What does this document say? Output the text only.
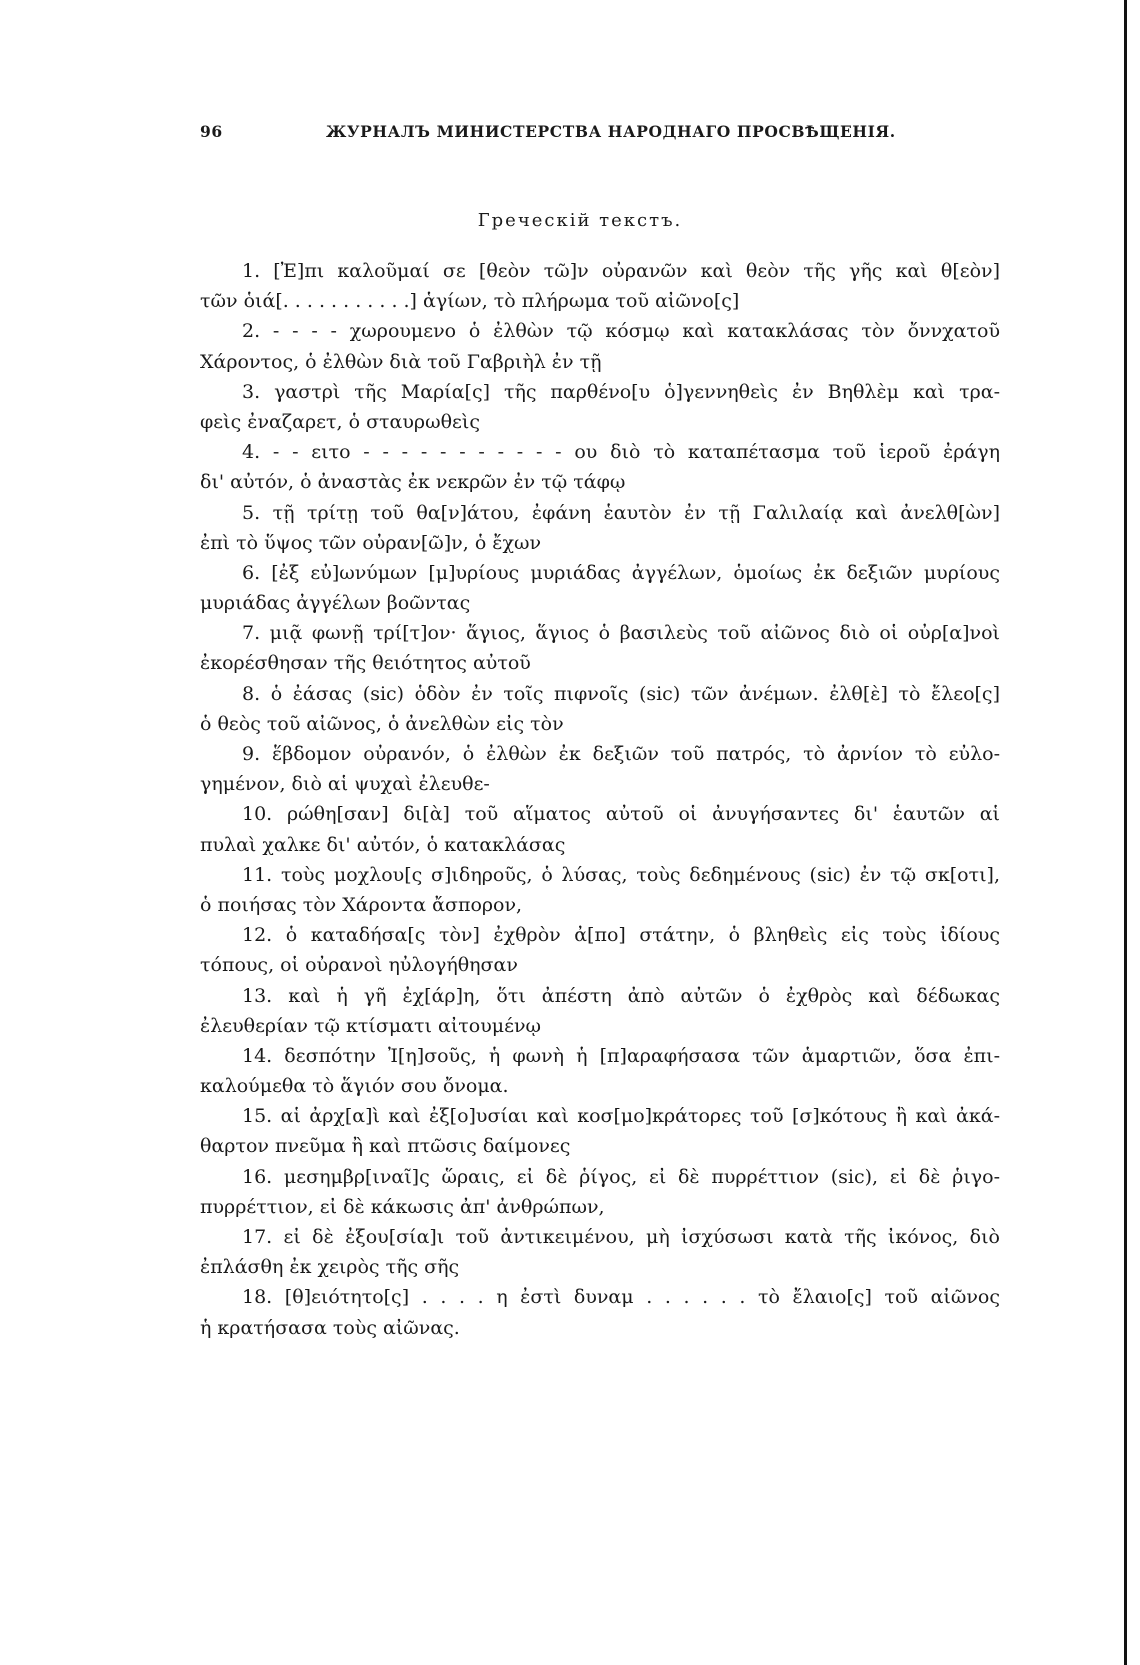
96	ЖУРНАЛЪ МИНИСТЕРСТВА НАРОДНАГО ПРОСВѢЩЕНІЯ.
Греческій текстъ.
1. [Ἐ]πι καλοῦμαί σε [θεὸν τῶ]ν οὐρανῶν καὶ θεὸν τῆς γῆς καὶ θ[εὸν]
τῶν ὁιά[. . . . . . . . . . .] ἁγίων, τὸ πλήρωμα τοῦ αἰῶνο[ς]
2. - - - - χωρουμενο ὁ ἐλθὼν τῷ κόσμῳ καὶ κατακλάσας τὸν ὄννχατοῦ
Χάροντος, ὁ ἐλθὼν διὰ τοῦ Γαβριὴλ ἐν τῇ
3. γαστρὶ τῆς Μαρία[ς] τῆς παρθένο[υ ὁ]γεννηθεὶς ἐν Βηθλὲμ καὶ τρα-
φεὶς ἐναζαρετ, ὁ σταυρωθεὶς
4. - - ειτο - - - - - - - - - - - ου διὸ τὸ καταπέτασμα τοῦ ἱεροῦ ἐράγη
δι' αὐτόν, ὁ ἀναστὰς ἐκ νεκρῶν ἐν τῷ τάφῳ
5. τῇ τρίτῃ τοῦ θα[ν]άτου, ἐφάνη ἑαυτὸν ἐν τῇ Γαλιλαίᾳ καὶ ἀνελθ[ὼν]
ἐπὶ τὸ ὕψος τῶν οὐραν[ῶ]ν, ὁ ἔχων
6. [ἐξ εὐ]ωνύμων [μ]υρίους μυριάδας ἀγγέλων, ὁμοίως ἐκ δεξιῶν μυρίους
μυριάδας ἀγγέλων βοῶντας
7. μιᾷ φωνῇ τρί[τ]ον· ἅγιος, ἅγιος ὁ βασιλεὺς τοῦ αἰῶνος διὸ οἱ οὐρ[α]νοὶ
ἐκορέσθησαν τῆς θειότητος αὐτοῦ
8. ὁ ἐάσας (sic) ὁδὸν ἐν τοῖς πιφνοῖς (sic) τῶν ἀνέμων. ἐλθ[ὲ] τὸ ἔλεο[ς]
ὁ θεὸς τοῦ αἰῶνος, ὁ ἀνελθὼν εἰς τὸν
9. ἕβδομον οὐρανόν, ὁ ἐλθὼν ἐκ δεξιῶν τοῦ πατρός, τὸ ἀρνίον τὸ εὐλο-
γημένον, διὸ αἱ ψυχαὶ ἐλευθε-
10. ρώθη[σαν] δι[ὰ] τοῦ αἵματος αὐτοῦ οἱ ἀνυγήσαντες δι' ἑαυτῶν αἱ
πυλαὶ χαλκε δι' αὐτόν, ὁ κατακλάσας
11. τοὺς μοχλου[ς σ]ιδηροῦς, ὁ λύσας, τοὺς δεδημένους (sic) ἐν τῷ σκ[οτι],
ὁ ποιήσας τὸν Χάροντα ἄσπορον,
12. ὁ καταδήσα[ς τὸν] ἐχθρὸν ἀ[πο] στάτην, ὁ βληθεὶς εἰς τοὺς ἰδίους
τόπους, οἱ οὐρανοὶ ηὐλογήθησαν
13. καὶ ἡ γῆ ἐχ[άρ]η, ὅτι ἀπέστη ἀπὸ αὐτῶν ὁ ἐχθρὸς καὶ δέδωκας
ἐλευθερίαν τῷ κτίσματι αἰτουμένῳ
14. δεσπότην Ἰ[η]σοῦς, ἡ φωνὴ ἡ [π]αραφήσασα τῶν ἁμαρτιῶν, ὅσα ἐπι-
καλούμεθα τὸ ἅγιόν σου ὄνομα.
15. αἱ ἀρχ[α]ὶ καὶ ἐξ[ο]υσίαι καὶ κοσ[μο]κράτορες τοῦ [σ]κότους ἢ καὶ ἀκά-
θαρτον πνεῦμα ἢ καὶ πτῶσις δαίμονες
16. μεσημβρ[ιναῖ]ς ὥραις, εἰ δὲ ῥίγος, εἰ δὲ πυρρέττιον (sic), εἰ δὲ ῥιγο-
πυρρέττιον, εἰ δὲ κάκωσις ἀπ' ἀνθρώπων,
17. εἰ δὲ ἐξου[σία]ι τοῦ ἀντικειμένου, μὴ ἰσχύσωσι κατὰ τῆς ἰκόνος, διὸ
ἐπλάσθη ἐκ χειρὸς τῆς σῆς
18. [θ]ειότητο[ς] . . . . η ἐστὶ δυναμ . . . . . . τὸ ἔλαιο[ς] τοῦ αἰῶνος
ἡ κρατήσασα τοὺς αἰῶνας.
